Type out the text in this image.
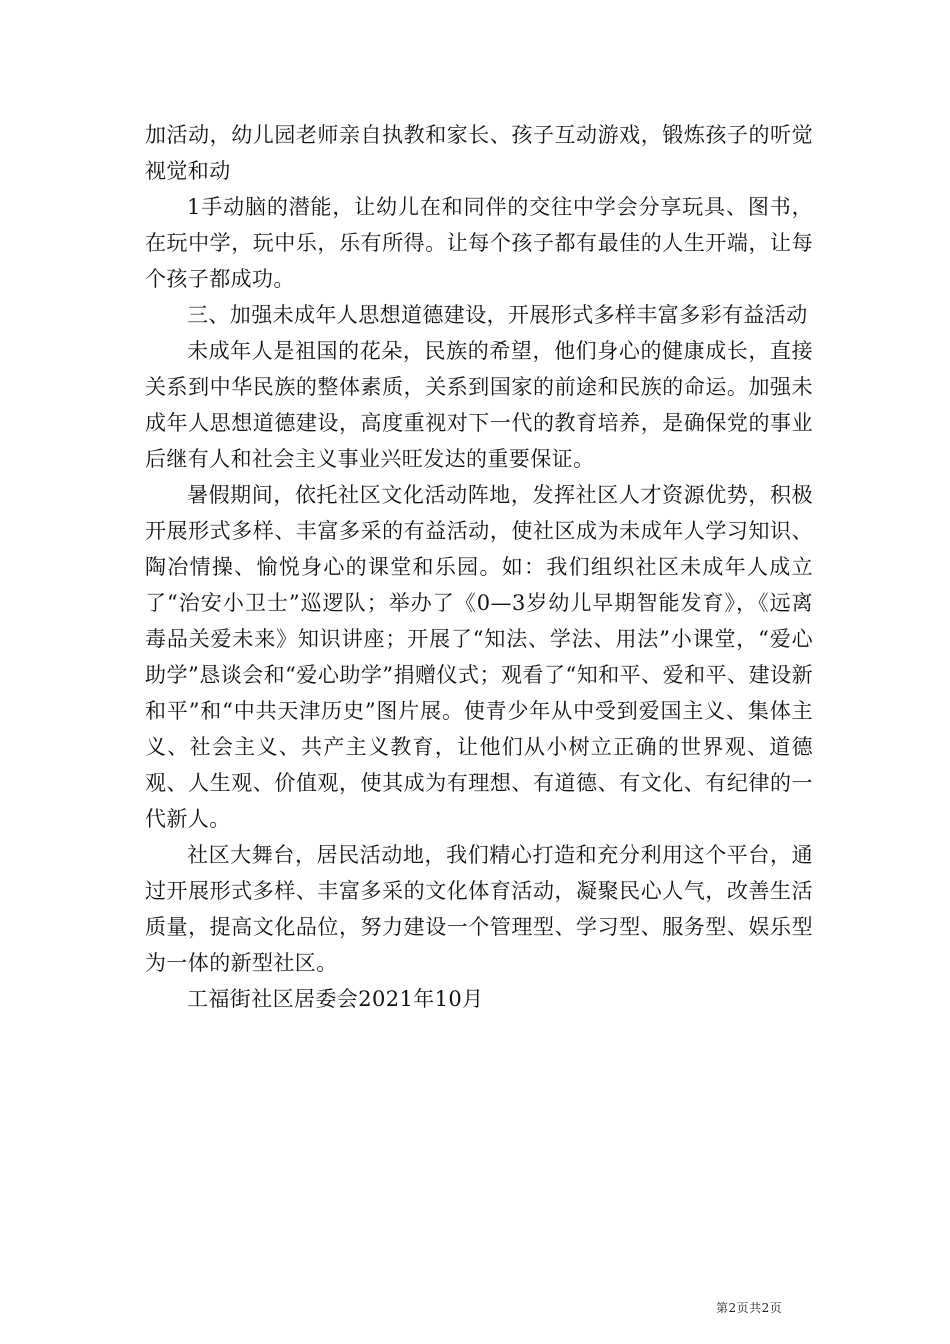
加活动，幼儿园老师亲自执教和家长、孩子互动游戏，锻炼孩子的听觉视觉和动

1手动脑的潜能，让幼儿在和同伴的交往中学会分享玩具、图书，在玩中学，玩中乐，乐有所得。让每个孩子都有最佳的人生开端，让每个孩子都成功。

三、加强未成年人思想道德建设，开展形式多样丰富多彩有益活动

未成年人是祖国的花朵，民族的希望，他们身心的健康成长，直接关系到中华民族的整体素质，关系到国家的前途和民族的命运。加强未成年人思想道德建设，高度重视对下一代的教育培养，是确保党的事业后继有人和社会主义事业兴旺发达的重要保证。

暑假期间，依托社区文化活动阵地，发挥社区人才资源优势，积极开展形式多样、丰富多采的有益活动，使社区成为未成年人学习知识、陶冶情操、愉悦身心的课堂和乐园。如：我们组织社区未成年人成立了“治安小卫士”巡逻队；举办了《0—3岁幼儿早期智能发育》，《远离毒品关爱未来》知识讲座；开展了“知法、学法、用法”小课堂，“爱心助学”恳谈会和“爱心助学”捐赠仪式；观看了“知和平、爱和平、建设新和平”和“中共天津历史”图片展。使青少年从中受到爱国主义、集体主义、社会主义、共产主义教育，让他们从小树立正确的世界观、道德观、人生观、价值观，使其成为有理想、有道德、有文化、有纪律的一代新人。

社区大舞台，居民活动地，我们精心打造和充分利用这个平台，通过开展形式多样、丰富多采的文化体育活动，凝聚民心人气，改善生活质量，提高文化品位，努力建设一个管理型、学习型、服务型、娱乐型为一体的新型社区。

工福街社区居委会2021年10月

第2页共2页
